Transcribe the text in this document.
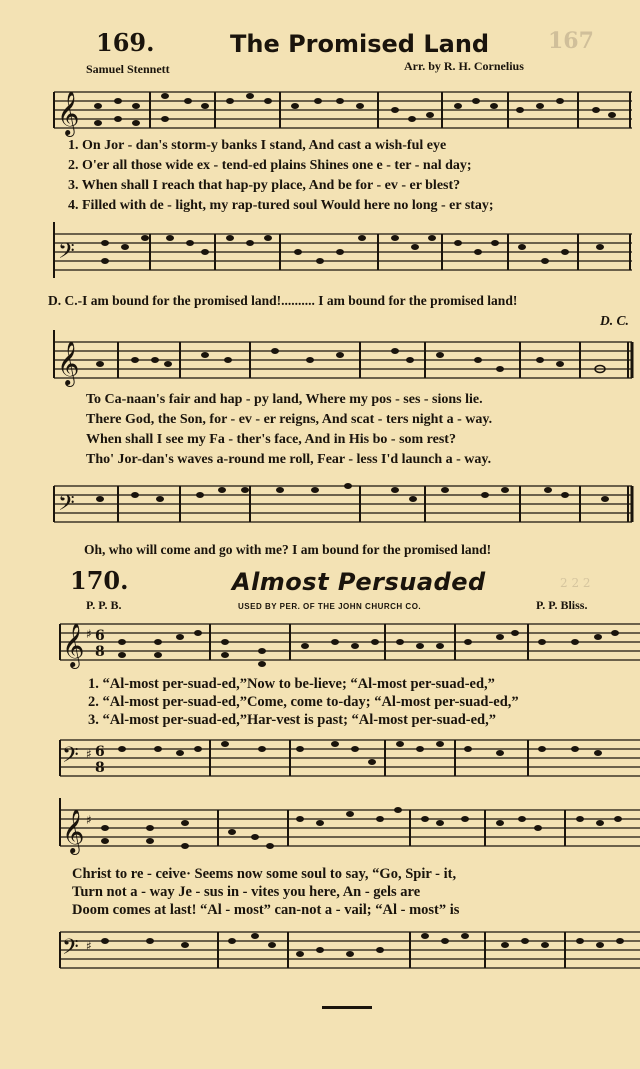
169.	The Promised Land	167
Samuel Stennett	Arr. by R. H. Cornelius
𝄞
1. On Jor - dan's storm-y banks I stand, And cast a wish-ful eye
2. O'er all those wide ex - tend-ed plains Shines one e - ter - nal day;
3. When shall I reach that hap-py place, And be for - ev - er blest?
4. Filled with de - light, my rap-tured soul Would here no long - er stay;
𝄢
D. C.-I am bound for the promised land!.......... I am bound for the promised land!
D. C.
𝄞
To Ca-naan's fair and hap - py land, Where my pos - ses - sions lie.
There God, the Son, for - ev - er reigns, And scat - ters night a - way.
When shall I see my Fa - ther's face, And in His bo - som rest?
Tho' Jor-dan's waves a-round me roll, Fear - less I'd launch a - way.
𝄢
Oh, who will come and go with me? I am bound for the promised land!
170.	Almost Persuaded	2 2 2
P. P. B.	USED BY PER. OF THE JOHN CHURCH CO.	P. P. Bliss.
𝄞 ♯ 6
8
1. “Al-most per-suad-ed,”Now to be-lieve; “Al-most per-suad-ed,”
2. “Al-most per-suad-ed,”Come, come to-day; “Al-most per-suad-ed,”
3. “Al-most per-suad-ed,”Har-vest is past; “Al-most per-suad-ed,”
𝄢 ♯ 6
8
𝄞 ♯
Christ to re - ceive· Seems now some soul to say, “Go, Spir - it,
Turn not a - way Je - sus in - vites you here, An - gels are
Doom comes at last! “Al - most” can-not a - vail; “Al - most” is
𝄢 ♯
